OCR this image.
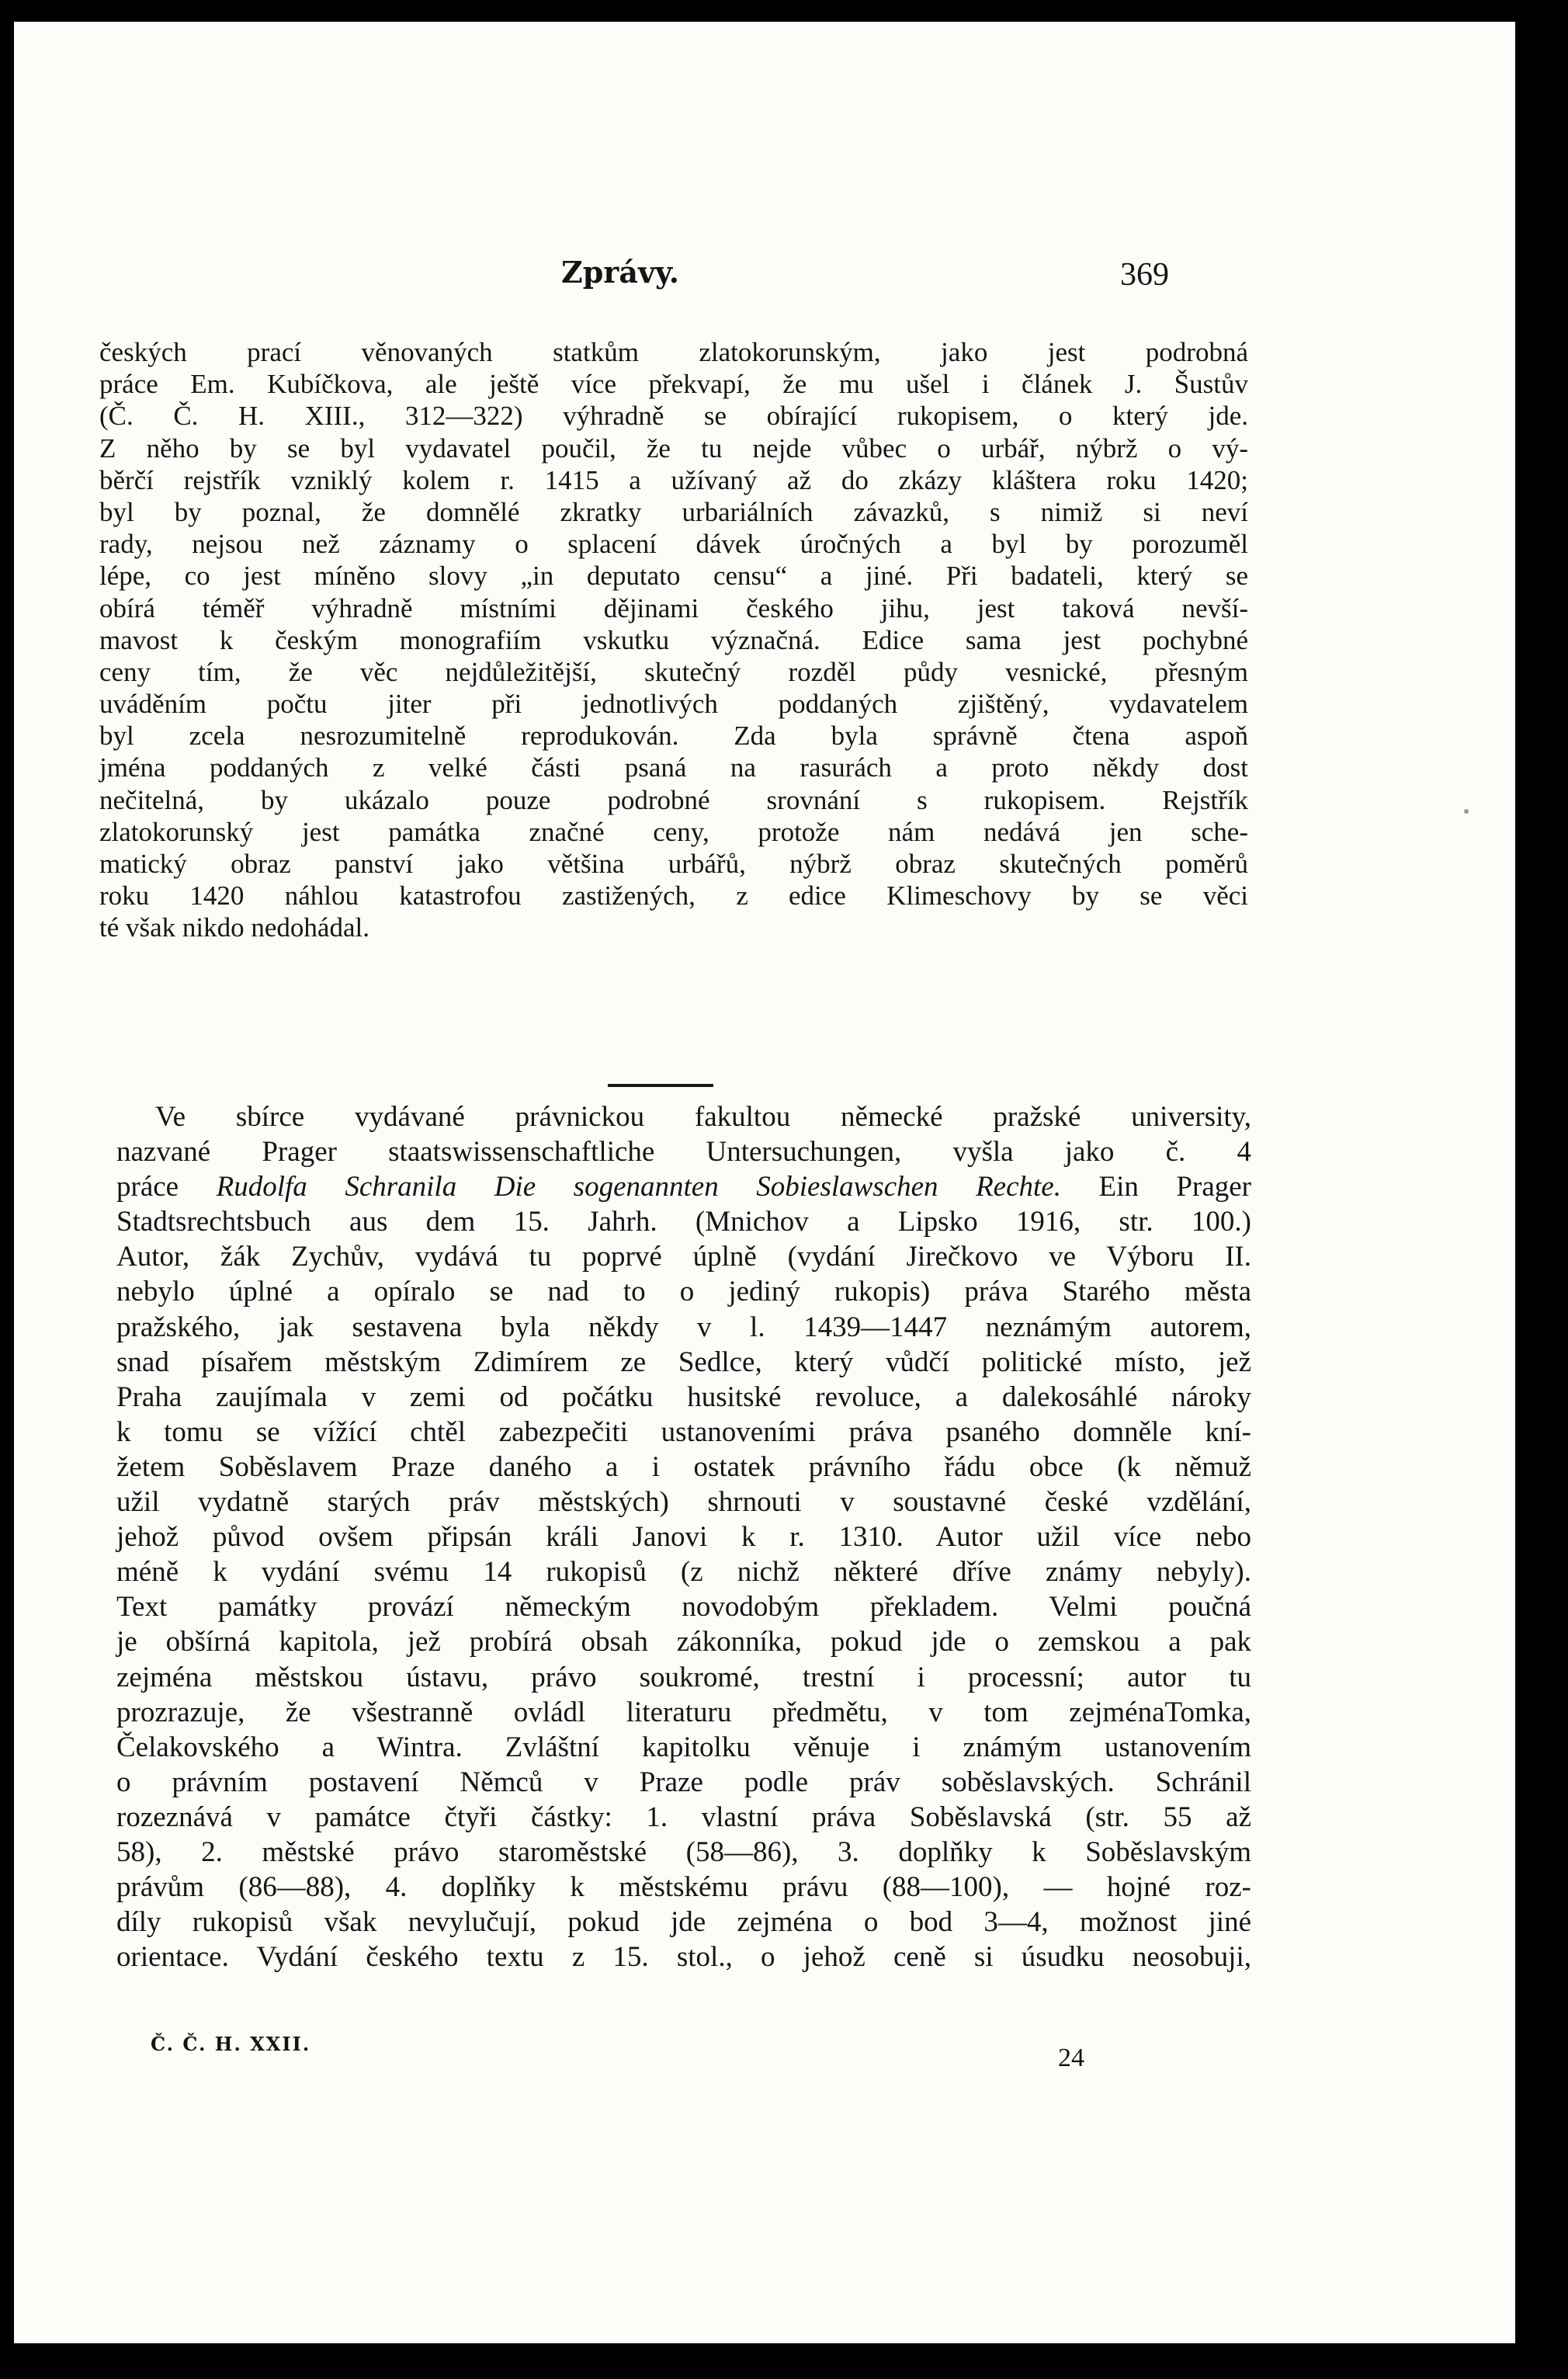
Zprávy.	369
českých prací věnovaných statkům zlatokorunským, jako jest podrobná
práce Em. Kubíčkova, ale ještě více překvapí, že mu ušel i článek J. Šustův
(Č. Č. H. XIII., 312—322) výhradně se obírající rukopisem, o který jde.
Z něho by se byl vydavatel poučil, že tu nejde vůbec o urbář, nýbrž o vý-
běrčí rejstřík vzniklý kolem r. 1415 a užívaný až do zkázy kláštera roku 1420;
byl by poznal, že domnělé zkratky urbariálních závazků, s nimiž si neví
rady, nejsou než záznamy o splacení dávek úročných a byl by porozuměl
lépe, co jest míněno slovy „in deputato censu“ a jiné. Při badateli, který se
obírá téměř výhradně místními dějinami českého jihu, jest taková nevší-
mavost k českým monografiím vskutku význačná. Edice sama jest pochybné
ceny tím, že věc nejdůležitější, skutečný rozděl půdy vesnické, přesným
uváděním počtu jiter při jednotlivých poddaných zjištěný, vydavatelem
byl zcela nesrozumitelně reprodukován. Zda byla správně čtena aspoň
jména poddaných z velké části psaná na rasurách a proto někdy dost
nečitelná, by ukázalo pouze podrobné srovnání s rukopisem. Rejstřík
zlatokorunský jest památka značné ceny, protože nám nedává jen sche-
matický obraz panství jako většina urbářů, nýbrž obraz skutečných poměrů
roku 1420 náhlou katastrofou zastižených, z edice Klimeschovy by se věci
té však nikdo nedohádal.
Ve sbírce vydávané právnickou fakultou německé pražské university,
nazvané Prager staatswissenschaftliche Untersuchungen, vyšla jako č. 4
práce Rudolfa Schranila Die sogenannten Sobieslawschen Rechte. Ein Prager
Stadtsrechtsbuch aus dem 15. Jahrh. (Mnichov a Lipsko 1916, str. 100.)
Autor, žák Zychův, vydává tu poprvé úplně (vydání Jirečkovo ve Výboru II.
nebylo úplné a opíralo se nad to o jediný rukopis) práva Starého města
pražského, jak sestavena byla někdy v l. 1439—1447 neznámým autorem,
snad písařem městským Zdimírem ze Sedlce, který vůdčí politické místo, jež
Praha zaujímala v zemi od počátku husitské revoluce, a dalekosáhlé nároky
k tomu se vížící chtěl zabezpečiti ustanoveními práva psaného domněle kní-
žetem Soběslavem Praze daného a i ostatek právního řádu obce (k němuž
užil vydatně starých práv městských) shrnouti v soustavné české vzdělání,
jehož původ ovšem připsán králi Janovi k r. 1310. Autor užil více nebo
méně k vydání svému 14 rukopisů (z nichž některé dříve známy nebyly).
Text památky provází německým novodobým překladem. Velmi poučná
je obšírná kapitola, jež probírá obsah zákonníka, pokud jde o zemskou a pak
zejména městskou ústavu, právo soukromé, trestní i processní; autor tu
prozrazuje, že všestranně ovládl literaturu předmětu, v tom zejménaTomka,
Čelakovského a Wintra. Zvláštní kapitolku věnuje i známým ustanovením
o právním postavení Němců v Praze podle práv soběslavských. Schránil
rozeznává v památce čtyři částky: 1. vlastní práva Soběslavská (str. 55 až
58), 2. městské právo staroměstské (58—86), 3. doplňky k Soběslavským
právům (86—88), 4. doplňky k městskému právu (88—100), — hojné roz-
díly rukopisů však nevylučují, pokud jde zejména o bod 3—4, možnost jiné
orientace. Vydání českého textu z 15. stol., o jehož ceně si úsudku neosobuji,
Č. Č. H. XXII.	24
